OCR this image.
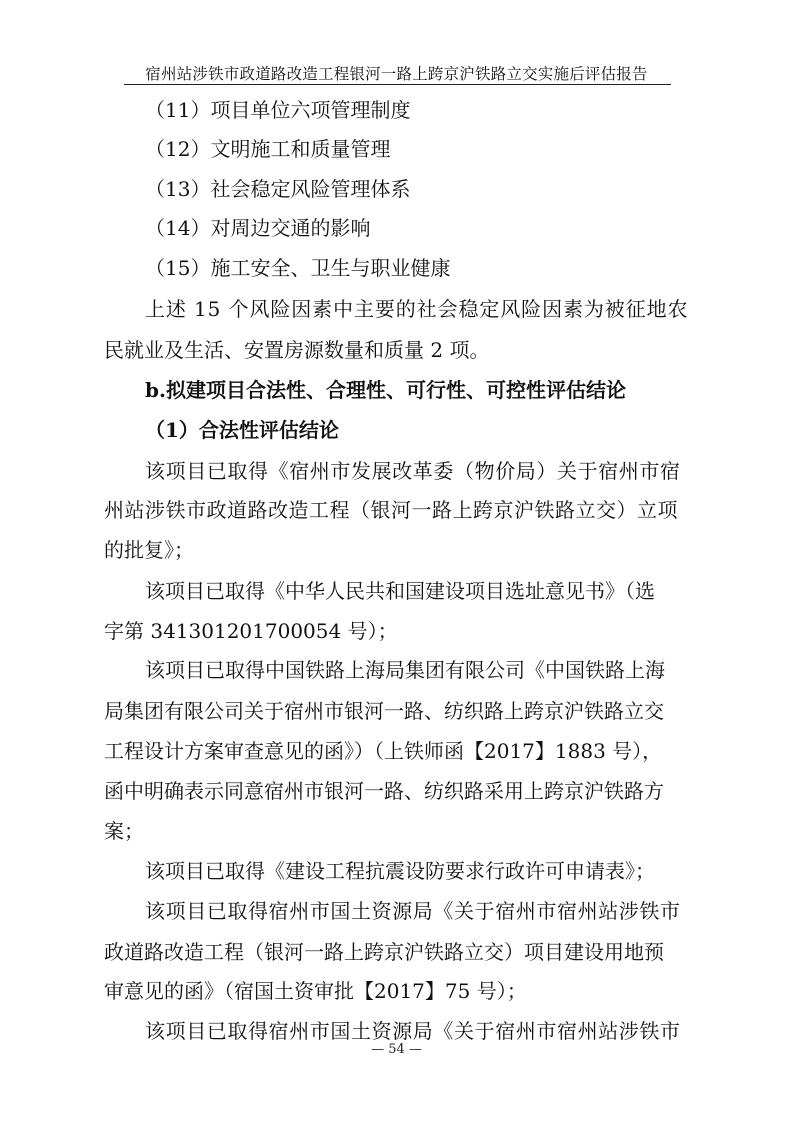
宿州站涉铁市政道路改造工程银河一路上跨京沪铁路立交实施后评估报告
（11）项目单位六项管理制度
（12）文明施工和质量管理
（13）社会稳定风险管理体系
（14）对周边交通的影响
（15）施工安全、卫生与职业健康
上述 15 个风险因素中主要的社会稳定风险因素为被征地农
民就业及生活、安置房源数量和质量 2 项。
b.拟建项目合法性、合理性、可行性、可控性评估结论
（1）合法性评估结论
该项目已取得《宿州市发展改革委（物价局）关于宿州市宿
州站涉铁市政道路改造工程（银河一路上跨京沪铁路立交）立项
的批复》；
该项目已取得《中华人民共和国建设项目选址意见书》（选
字第 341301201700054 号）；
该项目已取得中国铁路上海局集团有限公司《中国铁路上海
局集团有限公司关于宿州市银河一路、纺织路上跨京沪铁路立交
工程设计方案审查意见的函》）（上铁师函【2017】1883 号），
函中明确表示同意宿州市银河一路、纺织路采用上跨京沪铁路方
案；
该项目已取得《建设工程抗震设防要求行政许可申请表》；
该项目已取得宿州市国土资源局《关于宿州市宿州站涉铁市
政道路改造工程（银河一路上跨京沪铁路立交）项目建设用地预
审意见的函》（宿国土资审批【2017】75 号）；
该项目已取得宿州市国土资源局《关于宿州市宿州站涉铁市
— 54 —
